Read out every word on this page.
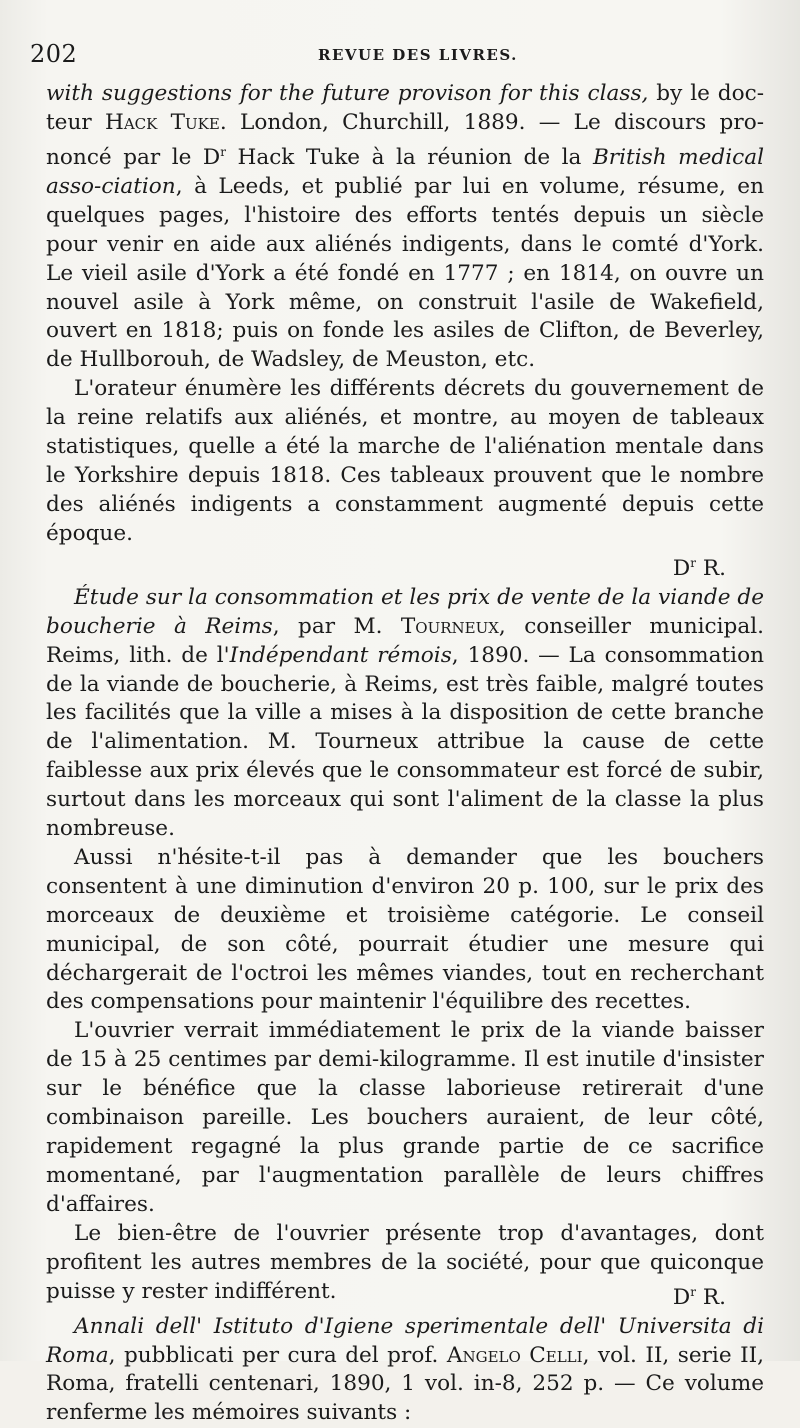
202	REVUE DES LIVRES.

with suggestions for the future provison for this class, by le doc- teur Hack Tuke. London, Churchill, 1889. — Le discours pro- noncé par le $D^r$ Hack Tuke à la réunion de la British medical asso-ciation, à Leeds, et publié par lui en volume, résume, en quelques pages, l'histoire des efforts tentés depuis un siècle pour venir en aide aux aliénés indigents, dans le comté d'York. Le vieil asile d'York a été fondé en 1777 ; en 1814, on ouvre un nouvel asile à York même, on construit l'asile de Wakefield, ouvert en 1818; puis on fonde les asiles de Clifton, de Beverley, de Hullborouh, de Wadsley, de Meuston, etc.

L'orateur énumère les différents décrets du gouvernement de la reine relatifs aux aliénés, et montre, au moyen de tableaux statistiques, quelle a été la marche de l'aliénation mentale dans le Yorkshire depuis 1818. Ces tableaux prouvent que le nombre des aliénés indigents a constamment augmenté depuis cette époque.

$D^r$ R.

Étude sur la consommation et les prix de vente de la viande de boucherie à Reims, par M. Tourneux, conseiller municipal. Reims, lith. de l'Indépendant rémois, 1890. — La consommation de la viande de boucherie, à Reims, est très faible, malgré toutes les facilités que la ville a mises à la disposition de cette branche de l'alimentation. M. Tourneux attribue la cause de cette faiblesse aux prix élevés que le consommateur est forcé de subir, surtout dans les morceaux qui sont l'aliment de la classe la plus nombreuse.

Aussi n'hésite-t-il pas à demander que les bouchers consentent à une diminution d'environ 20 p. 100, sur le prix des morceaux de deuxième et troisième catégorie. Le conseil municipal, de son côté, pourrait étudier une mesure qui déchargerait de l'octroi les mêmes viandes, tout en recherchant des compensations pour maintenir l'équilibre des recettes.

L'ouvrier verrait immédiatement le prix de la viande baisser de 15 à 25 centimes par demi-kilogramme. Il est inutile d'insister sur le bénéfice que la classe laborieuse retirerait d'une combinaison pareille. Les bouchers auraient, de leur côté, rapidement regagné la plus grande partie de ce sacrifice momentané, par l'augmentation parallèle de leurs chiffres d'affaires.

Le bien-être de l'ouvrier présente trop d'avantages, dont profitent les autres membres de la société, pour que quiconque puisse y rester indifférent.	$D^r$ R.

Annali dell' Istituto d'Igiene sperimentale dell' Universita di Roma, pubblicati per cura del prof. Angelo Celli, vol. II, serie II, Roma, fratelli centenari, 1890, 1 vol. in-8, 252 p. — Ce volume renferme les mémoires suivants :
